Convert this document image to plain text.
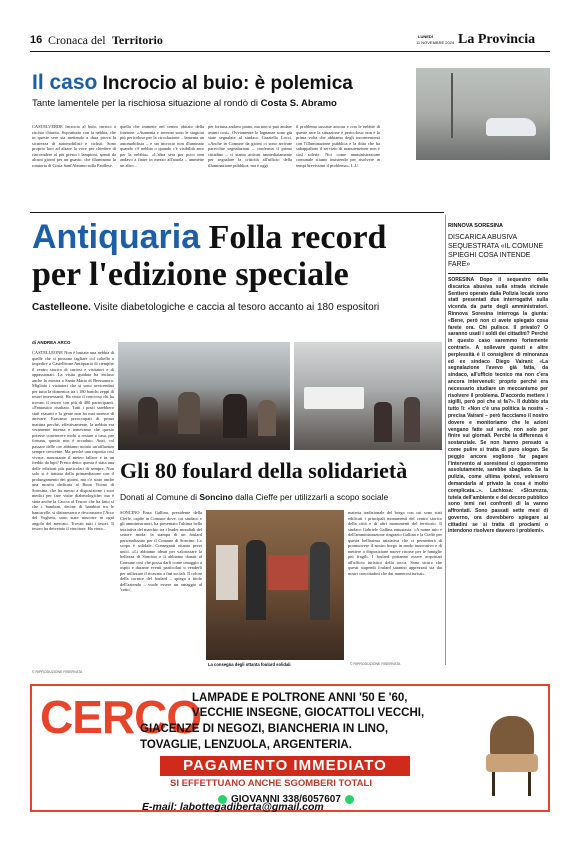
16 Cronaca del Territorio	LUNEDÌ
11 NOVEMBRE 2024 La Provincia
Il caso Incrocio al buio: è polemica
Tante lamentele per la rischiosa situazione al rondò di Costa S. Abramo
CASTELVERDE Incrocio al buio, incroci a rischio chiarito. Soprattutto con la nebbia, che in queste sere sta mettendo a dura prova la sicurezza di automobilisti e ciclisti. Sono proprio loro ad alzare la voce per chiedere di riaccendere al più presto i lampioni, spenti da alcuni giorni per un guasto, che illuminano la rotatoria di Costa Sant'Abramo sulla Paullese,
quella che immette nel centro abitato della frazione. «Aumenta e inverno sono le stagioni più pericolose per la circolazione – lamenta un automobilista – e un incrocio non illuminato quando c'è nebbia o quando c'è visibilità zero per la nebbia». «L'altra sera per poco non andavo a finire in mezzo all'aiuola – ammette un altro –
per fortuna andavo piano, ma non si può andare avanti così». Ovviamente le lagnanze sono già state segnalate al sindaco Graziella Locci. «Anche in Comune da giorni ci sono arrivate parecchie segnalazioni – conferma il primo cittadino – ci siamo attivati immediatamente per segnalare la criticità all'ufficio della illuminazione pubblica, ma è oggi
il problema sussiste ancora e con le nebbie di queste sere la situazione è pericolosa: non è la prima volta che abbiamo degli inconvenienti con l'illuminazione pubblica e la ditta che ha subappaltato il servizio di manutenzione non è così solerte. Noi come amministrazione comunale stiamo insistendo per risolvere in tempi brevissimi il problema». L.U.
Antiquaria Folla record
per l'edizione speciale
Castelleone. Visite diabetologiche e caccia al tesoro accanto ai 180 espositori
RINNOVA SORESINA
DISCARICA ABUSIVA SEQUESTRATA «IL COMUNE SPIEGHI COSA INTENDE FARE»
SORESINA Dopo il sequestro della discarica abusiva sulla strada vicinale Sentiero operato dalla Polizia locale sono stati presentati due interrogativi sulla vicenda da parte degli amministratori. Rinnova Soresina interroga la giunta: «Bene, però non ci avete spiegato cosa farete ora. Chi pulisce. Il privato? O saranno usati i soldi dei cittadini? Perché in questo caso saremmo fortemente contrari». A sollevare questi e altre perplessità è il consigliere di minoranza ed ex sindaco Diego Vairani: «La segnalazione l'avevo già fatta, da sindaco, all'ufficio tecnico ma non c'era ancora intervenuti: proprio perché era necessario studiare un meccanismo per risolvere il problema. D'accordo mettere i sigilli, però poi che si fa?». Il dubbio sta tutto lì: «Non c'è una politica la nostra – precisa Vairani – però faccciamo il nostro dovere e monitoriamo che le azioni vengano fatte sul serio, non solo per finire sui giornali. Perché la differenza è sostanziale. Se non hanno pensato a come pulire si tratta di puro slogan. Se peggio ancora vogliono far pagare l'intervento ai soresinesi ci opporremmo assolutamente, sarebbe sbagliato. Se la pulizia, come ultima ipotesi, volessero demandarla al privato la cosa è molto complicata...». Lachiosa: «Sicurezza, tutela dell'ambiente e del decoro pubblico sono temi nei confronti di la vanno affrontati. Sono passati sette mesi di governo, ora dovrebbero spiegare ai cittadini se si tratta di proclami o intendono risolvere davvero i problemi».
di ANDREA ARCO
CASTELLEONE Non è bastata una nebbia di quelle che si possono tagliare col coltello a impedire a Castelleone Antiquaria di riempire il centro storico di curiosi e visitatori e di appassionati. La visita guidata ha incluso anche la mostra a Santa Maria di Bressanoro. Migliaia i visitatori che si sono avvicendati per tutta la domenica tra i 180 banchi zeppi di tesori interessanti. Ha vinto il concorso chi ha trovato il tesoro con più di 400 partecipanti. «Fantastico risultato. Tutti i posti sarebbero stati esauriti e la gente non ha mai smesso di arrivare. Eravamo preoccupati di prima mattina perché, effettivamente, la nebbia era veramente intensa e temevamo che questo potesse convincere molti a restare a casa, per fortuna, questo non è accaduto. Anzi, col passare delle ore abbiamo notato un'affluenza sempre crescente. Ma perché una risposta così vivace, nonostante il meteo fallace e in un freddo da lupi? Presto detto: questa è stata una delle edizioni più particolari di sempre. Non solo si è trattato della primaedizione con il prolungamento dei giorni, ma c'è stato anche una mostra dedicata al Buon Vicino di Soresina, che ha messo a disposizione i suoi medici per fare visite diabetologiche; ma è stata anche la Caccia al Tesoro che ha fatto sì che i bambini, decine di bambini tra le bancarelle, si distraessero e decorassero l'Arco del Voghera, sono state nascoste in ogni angolo del mercato. Trovati tutti i tesori. Il tesoro ha decretato il vincitore. Ha vinto...
© RIPRODUZIONE RISERVATA
Gli 80 foulard della solidarietà
Donati al Comune di Soncino dalla Cieffe per utilizzarli a scopo sociale
SONCINO Enza Gallina, presidente della Cieffe, ospite in Comune dove, coi sindaco e gli amministratori, ha presentato l'ultima bella iniziativa del marchio tra i leader mondiali del settore moda: la stampa di un foulard personalizzato per il Comune di Soncino. Lo scopo è solidale. Consegnati ottanta pezzi unici. «Li abbiamo ideati per valorizzare la bellezza di Soncino e li abbiamo donati al Comune così che possa darli come omaggio a ospiti e durante eventi particolari o venderli per utilizzare il ricavato a fini sociali. Il colore della cornice del foulard – spiega a titolo dell'azienda – vuole essere un omaggio al 'cotto',
La consegna degli ottanta foulard solidali
materia tradizionale del borgo con cui sono stati edificati i principali monumenti del centro storico della città e di altri monumenti del territorio. Il sindaco Gabriele Gallina entusiasta: «A nome mio e dell'amministrazione ringrazio Gallina e la Cieffe per questa bellissima iniziativa che ci permetterà di promuovere il nostro borgo in modo innovativo e di mettere a disposizione nuove risorse per le famiglie più fragili. I foulard potranno essere acquistati all'ufficio turistico della rocca. Sono sicuro che questi stupendi foulard saranno apprezzati sia dai nostri concittadini che dai numerosi turisti».
© RIPRODUZIONE RISERVATA
CERCO
LAMPADE E POLTRONE ANNI '50 E '60,
VECCHIE INSEGNE, GIOCATTOLI VECCHI,
GIACENZE DI NEGOZI, BIANCHERIA IN LINO,
TOVAGLIE, LENZUOLA, ARGENTERIA.
PAGAMENTO IMMEDIATO
SI EFFETTUANO ANCHE SGOMBERI TOTALI
GIOVANNI 338/6057607
E-mail: labottegadiberta@gmail.com
